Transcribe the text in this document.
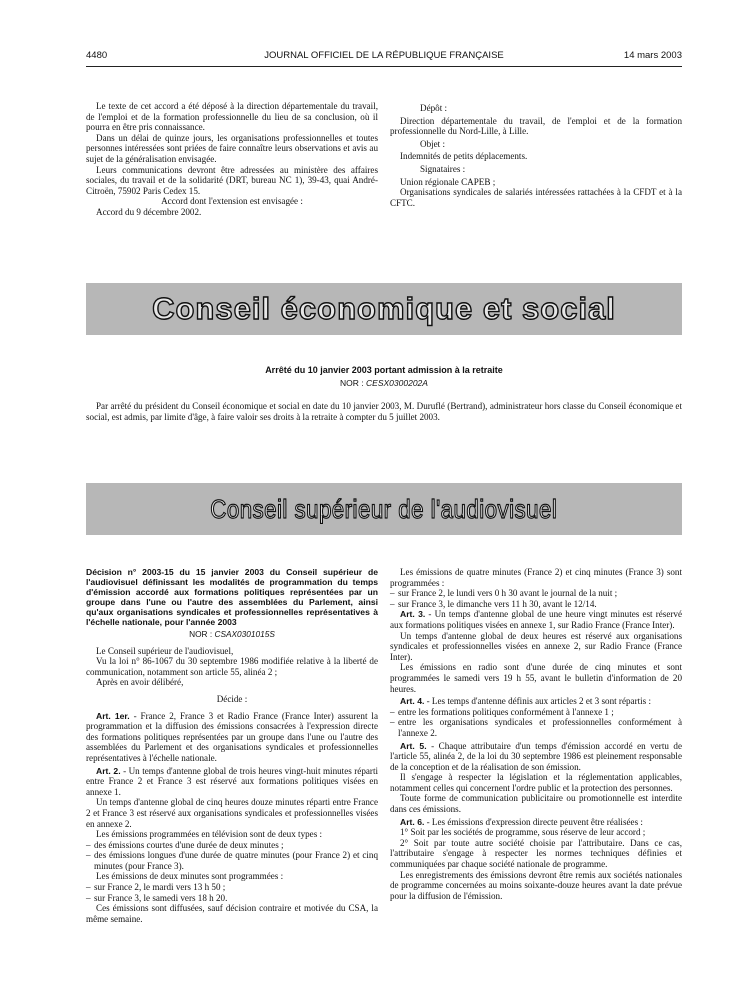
4480	JOURNAL OFFICIEL DE LA RÉPUBLIQUE FRANÇAISE	14 mars 2003

Le texte de cet accord a été déposé à la direction départementale du travail, de l'emploi et de la formation professionnelle du lieu de sa conclusion, où il pourra en être pris connaissance.

Dans un délai de quinze jours, les organisations professionnelles et toutes personnes intéressées sont priées de faire connaître leurs observations et avis au sujet de la généralisation envisagée.

Leurs communications devront être adressées au ministère des affaires sociales, du travail et de la solidarité (DRT, bureau NC 1), 39-43, quai André-Citroën, 75902 Paris Cedex 15.

Accord dont l'extension est envisagée :

Accord du 9 décembre 2002.

Dépôt :

Direction départementale du travail, de l'emploi et de la formation professionnelle du Nord-Lille, à Lille.

Objet :

Indemnités de petits déplacements.

Signataires :

Union régionale CAPEB ;

Organisations syndicales de salariés intéressées rattachées à la CFDT et à la CFTC.

Conseil économique et social
Arrêté du 10 janvier 2003 portant admission à la retraite
NOR : CESX0300202A
Par arrêté du président du Conseil économique et social en date du 10 janvier 2003, M. Duruflé (Bertrand), administrateur hors classe du Conseil économique et social, est admis, par limite d'âge, à faire valoir ses droits à la retraite à compter du 5 juillet 2003.
Conseil supérieur de l'audiovisuel
Décision n° 2003-15 du 15 janvier 2003 du Conseil supérieur de l'audiovisuel définissant les modalités de programmation du temps d'émission accordé aux formations politiques représentées par un groupe dans l'une ou l'autre des assemblées du Parlement, ainsi qu'aux organisations syndicales et professionnelles représentatives à l'échelle nationale, pour l'année 2003
NOR : CSAX0301015S

Le Conseil supérieur de l'audiovisuel,

Vu la loi n° 86-1067 du 30 septembre 1986 modifiée relative à la liberté de communication, notamment son article 55, alinéa 2 ;

Après en avoir délibéré,

Décide :

Art. 1er. - France 2, France 3 et Radio France (France Inter) assurent la programmation et la diffusion des émissions consacrées à l'expression directe des formations politiques représentées par un groupe dans l'une ou l'autre des assemblées du Parlement et des organisations syndicales et professionnelles représentatives à l'échelle nationale.

Art. 2. - Un temps d'antenne global de trois heures vingt-huit minutes réparti entre France 2 et France 3 est réservé aux formations politiques visées en annexe 1.

Un temps d'antenne global de cinq heures douze minutes réparti entre France 2 et France 3 est réservé aux organisations syndicales et professionnelles visées en annexe 2.

Les émissions programmées en télévision sont de deux types :

– des émissions courtes d'une durée de deux minutes ;

– des émissions longues d'une durée de quatre minutes (pour France 2) et cinq minutes (pour France 3).

Les émissions de deux minutes sont programmées :

– sur France 2, le mardi vers 13 h 50 ;

– sur France 3, le samedi vers 18 h 20.

Ces émissions sont diffusées, sauf décision contraire et motivée du CSA, la même semaine.

Les émissions de quatre minutes (France 2) et cinq minutes (France 3) sont programmées :

– sur France 2, le lundi vers 0 h 30 avant le journal de la nuit ;

– sur France 3, le dimanche vers 11 h 30, avant le 12/14.

Art. 3. - Un temps d'antenne global de une heure vingt minutes est réservé aux formations politiques visées en annexe 1, sur Radio France (France Inter).

Un temps d'antenne global de deux heures est réservé aux organisations syndicales et professionnelles visées en annexe 2, sur Radio France (France Inter).

Les émissions en radio sont d'une durée de cinq minutes et sont programmées le samedi vers 19 h 55, avant le bulletin d'information de 20 heures.

Art. 4. - Les temps d'antenne définis aux articles 2 et 3 sont répartis :

– entre les formations politiques conformément à l'annexe 1 ;

– entre les organisations syndicales et professionnelles conformément à l'annexe 2.

Art. 5. - Chaque attributaire d'un temps d'émission accordé en vertu de l'article 55, alinéa 2, de la loi du 30 septembre 1986 est pleinement responsable de la conception et de la réalisation de son émission.

Il s'engage à respecter la législation et la réglementation applicables, notamment celles qui concernent l'ordre public et la protection des personnes.

Toute forme de communication publicitaire ou promotionnelle est interdite dans ces émissions.

Art. 6. - Les émissions d'expression directe peuvent être réalisées :

1° Soit par les sociétés de programme, sous réserve de leur accord ;

2° Soit par toute autre société choisie par l'attributaire. Dans ce cas, l'attributaire s'engage à respecter les normes techniques définies et communiquées par chaque société nationale de programme.

Les enregistrements des émissions devront être remis aux sociétés nationales de programme concernées au moins soixante-douze heures avant la date prévue pour la diffusion de l'émission.
